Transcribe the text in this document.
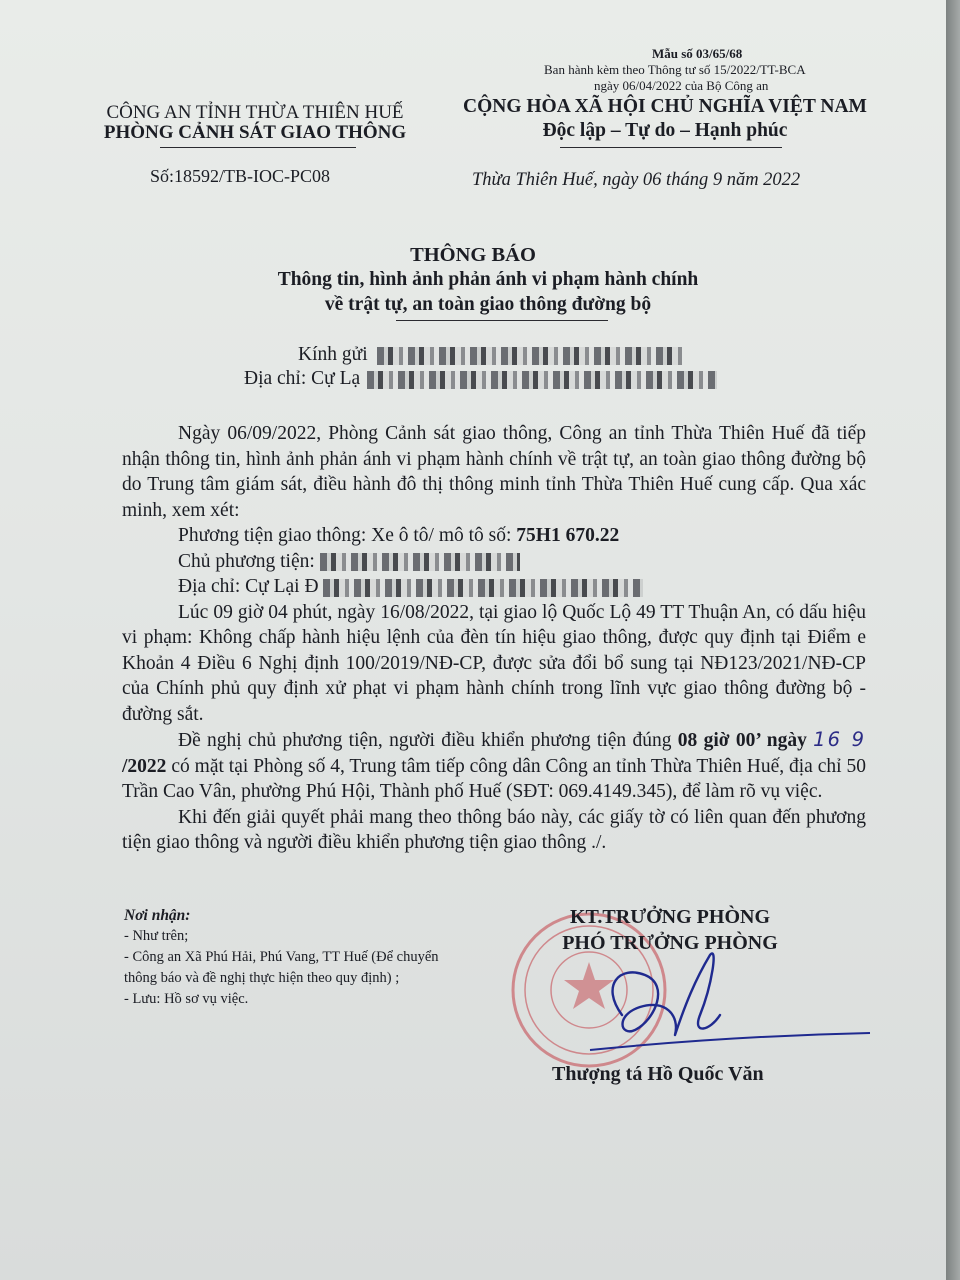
Mẫu số 03/65/68
Ban hành kèm theo Thông tư số 15/2022/TT-BCA
ngày 06/04/2022 của Bộ Công an
CÔNG AN TỈNH THỪA THIÊN HUẾ
PHÒNG CẢNH SÁT GIAO THÔNG
Số:18592/TB-IOC-PC08
CỘNG HÒA XÃ HỘI CHỦ NGHĨA VIỆT NAM
Độc lập – Tự do – Hạnh phúc
Thừa Thiên Huế, ngày 06 tháng 9 năm 2022
THÔNG BÁO
Thông tin, hình ảnh phản ánh vi phạm hành chính
về trật tự, an toàn giao thông đường bộ
Kính gửi
Địa chỉ: Cự Lạ

Ngày 06/09/2022, Phòng Cảnh sát giao thông, Công an tỉnh Thừa Thiên Huế đã tiếp nhận thông tin, hình ảnh phản ánh vi phạm hành chính về trật tự, an toàn giao thông đường bộ do Trung tâm giám sát, điều hành đô thị thông minh tỉnh Thừa Thiên Huế cung cấp. Qua xác minh, xem xét:

Phương tiện giao thông: Xe ô tô/ mô tô số: 75H1 670.22

Chủ phương tiện:

Địa chỉ: Cự Lại Đ

Lúc 09 giờ 04 phút, ngày 16/08/2022, tại giao lộ Quốc Lộ 49 TT Thuận An, có dấu hiệu vi phạm: Không chấp hành hiệu lệnh của đèn tín hiệu giao thông, được quy định tại Điểm e Khoản 4 Điều 6 Nghị định 100/2019/NĐ-CP, được sửa đổi bổ sung tại NĐ123/2021/NĐ-CP của Chính phủ quy định xử phạt vi phạm hành chính trong lĩnh vực giao thông đường bộ - đường sắt.

Đề nghị chủ phương tiện, người điều khiển phương tiện đúng 08 giờ 00’ ngày 16 9 /2022 có mặt tại Phòng số 4, Trung tâm tiếp công dân Công an tỉnh Thừa Thiên Huế, địa chỉ 50 Trần Cao Vân, phường Phú Hội, Thành phố Huế (SĐT: 069.4149.345), để làm rõ vụ việc.

Khi đến giải quyết phải mang theo thông báo này, các giấy tờ có liên quan đến phương tiện giao thông và người điều khiển phương tiện giao thông ./.

Nơi nhận:

- Như trên;

- Công an Xã Phú Hải, Phú Vang, TT Huế (Để chuyển thông báo và đề nghị thực hiện theo quy định) ;

- Lưu: Hồ sơ vụ việc.

KT.TRƯỞNG PHÒNG
PHÓ TRƯỞNG PHÒNG
Thượng tá Hồ Quốc Văn
